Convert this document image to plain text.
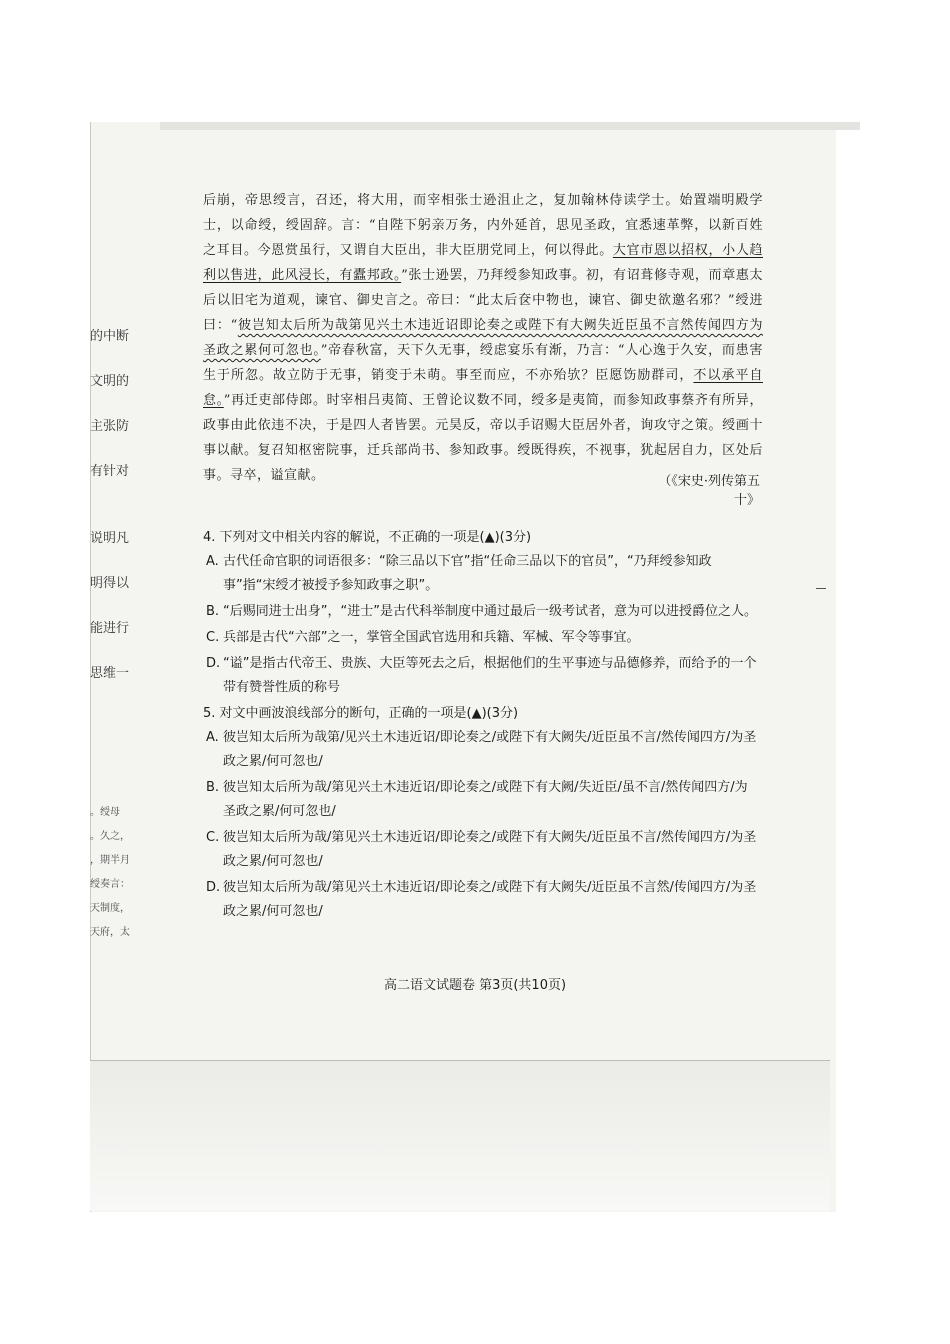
的中断

文明的

主张防

有针对

说明凡

明得以

能进行

思维一

。绶母

。久之，

，期半月

绶奏言：

天制度，

天府，太

后崩，帝思绶言，召还，将大用，而宰相张士逊沮止之，复加翰林侍读学士。始置端明殿学士，以命绶，绶固辞。言：“自陛下躬亲万务，内外延首，思见圣政，宜悉速革弊，以新百姓之耳目。今恩赏虽行，又谓自大臣出，非大臣朋党同上，何以得此。大官市恩以招权，小人趋利以售进，此风浸长，有蠹邦政。”张士逊罢，乃拜绶参知政事。初，有诏葺修寺观，而章惠太后以旧宅为道观，谏官、御史言之。帝曰：“此太后奁中物也，谏官、御史欲邀名邪？”绶进曰：“彼岂知太后所为哉第见兴土木违近诏即论奏之或陛下有大阙失近臣虽不言然传闻四方为圣政之累何可忽也。”帝春秋富，天下久无事，绶虑宴乐有渐，乃言：“人心逸于久安，而患害生于所忽。故立防于无事，销变于未萌。事至而应，不亦殆欤？臣愿饬励群司，不以承平自怠。”再迁吏部侍郎。时宰相吕夷简、王曾论议数不同，绶多是夷简，而参知政事蔡齐有所异，政事由此依违不决，于是四人者皆罢。元昊反，帝以手诏赐大臣居外者，询攻守之策。绶画十事以献。复召知枢密院事，迁兵部尚书、参知政事。绶既得疾，不视事，犹起居自力，区处后事。寻卒，谥宣献。	（《宋史·列传第五十》

4. 下列对文中相关内容的解说，不正确的一项是(▲)(3分)

A. 古代任命官职的词语很多：“除三品以下官”指“任命三品以下的官员”，“乃拜绶参知政事”指“宋绶才被授予参知政事之职”。

B. “后赐同进士出身”，“进士”是古代科举制度中通过最后一级考试者，意为可以进授爵位之人。

C. 兵部是古代“六部”之一，掌管全国武官选用和兵籍、军械、军令等事宜。

D. “谥”是指古代帝王、贵族、大臣等死去之后，根据他们的生平事迹与品德修养，而给予的一个带有赞誉性质的称号

5. 对文中画波浪线部分的断句，正确的一项是(▲)(3分)

A. 彼岂知太后所为哉第/见兴土木违近诏/即论奏之/或陛下有大阙失/近臣虽不言/然传闻四方/为圣政之累/何可忽也/

B. 彼岂知太后所为哉/第见兴土木违近诏/即论奏之/或陛下有大阙/失近臣/虽不言/然传闻四方/为圣政之累/何可忽也/

C. 彼岂知太后所为哉/第见兴土木违近诏/即论奏之/或陛下有大阙失/近臣虽不言/然传闻四方/为圣政之累/何可忽也/

D. 彼岂知太后所为哉/第见兴土木违近诏/即论奏之/或陛下有大阙失/近臣虽不言然/传闻四方/为圣政之累/何可忽也/

高二语文试题卷 第3页(共10页)
